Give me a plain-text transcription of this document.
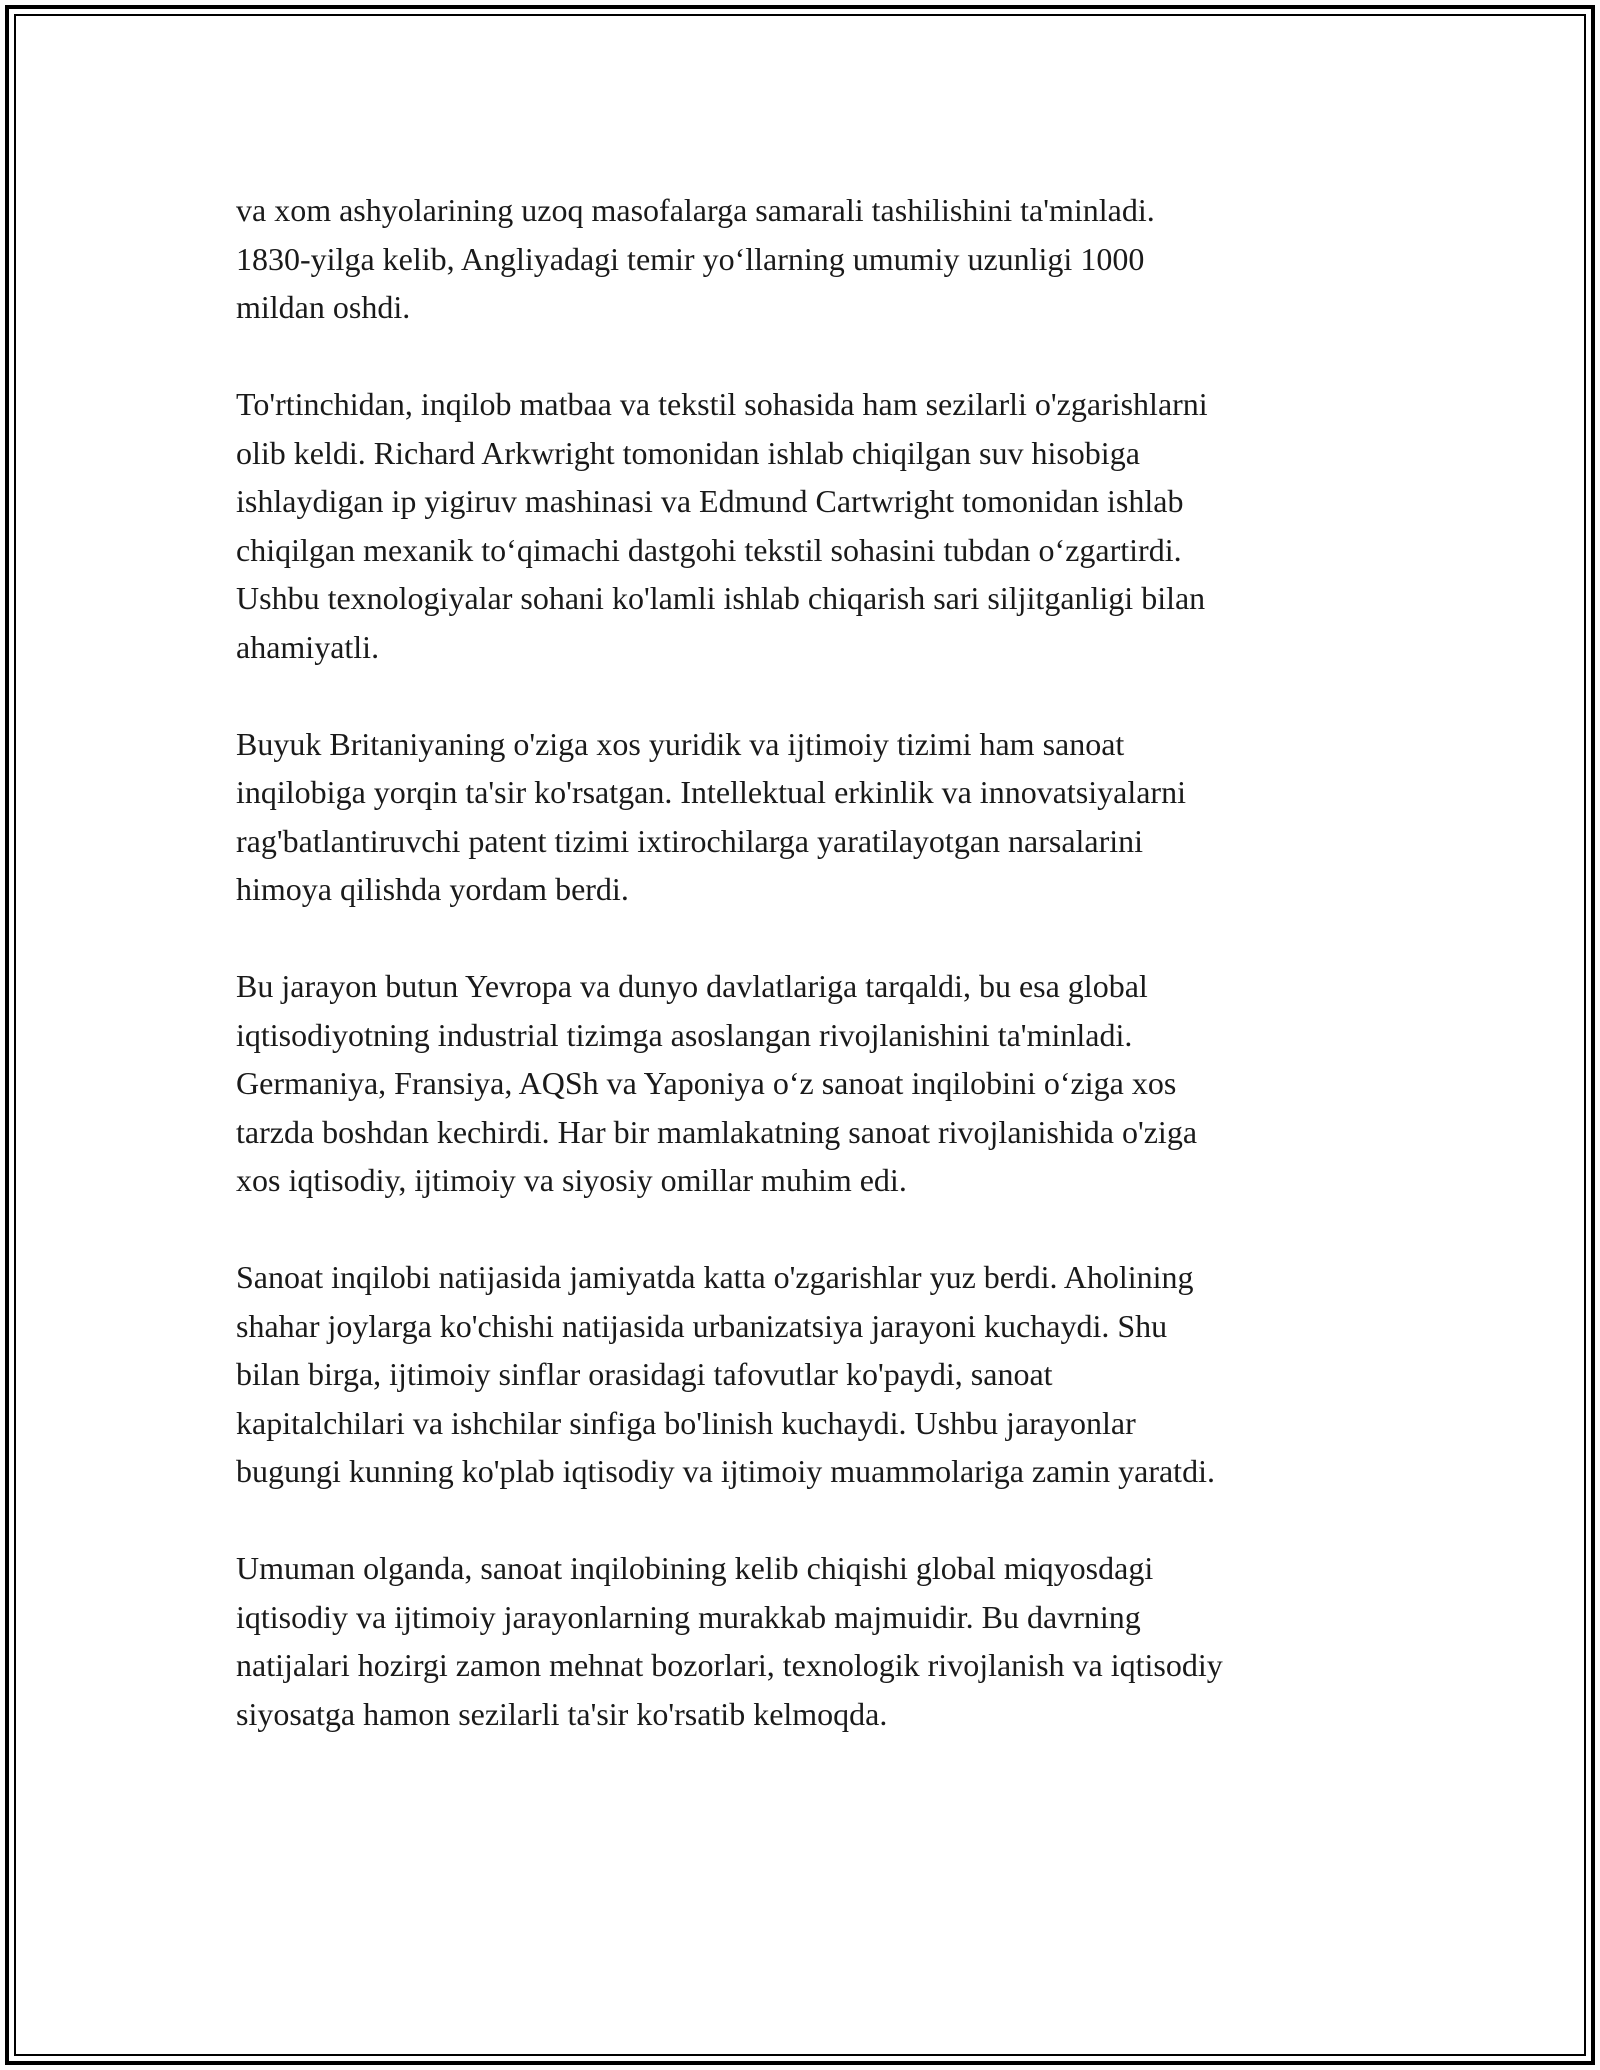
va xom ashyolarining uzoq masofalarga samarali tashilishini ta'minladi.
1830-yilga kelib, Angliyadagi temir yo‘llarning umumiy uzunligi 1000
mildan oshdi.

To'rtinchidan, inqilob matbaa va tekstil sohasida ham sezilarli o'zgarishlarni
olib keldi. Richard Arkwright tomonidan ishlab chiqilgan suv hisobiga
ishlaydigan ip yigiruv mashinasi va Edmund Cartwright tomonidan ishlab
chiqilgan mexanik to‘qimachi dastgohi tekstil sohasini tubdan o‘zgartirdi.
Ushbu texnologiyalar sohani ko'lamli ishlab chiqarish sari siljitganligi bilan
ahamiyatli.

Buyuk Britaniyaning o'ziga xos yuridik va ijtimoiy tizimi ham sanoat
inqilobiga yorqin ta'sir ko'rsatgan. Intellektual erkinlik va innovatsiyalarni
rag'batlantiruvchi patent tizimi ixtirochilarga yaratilayotgan narsalarini
himoya qilishda yordam berdi.

Bu jarayon butun Yevropa va dunyo davlatlariga tarqaldi, bu esa global
iqtisodiyotning industrial tizimga asoslangan rivojlanishini ta'minladi.
Germaniya, Fransiya, AQSh va Yaponiya o‘z sanoat inqilobini o‘ziga xos
tarzda boshdan kechirdi. Har bir mamlakatning sanoat rivojlanishida o'ziga
xos iqtisodiy, ijtimoiy va siyosiy omillar muhim edi.

Sanoat inqilobi natijasida jamiyatda katta o'zgarishlar yuz berdi. Aholining
shahar joylarga ko'chishi natijasida urbanizatsiya jarayoni kuchaydi. Shu
bilan birga, ijtimoiy sinflar orasidagi tafovutlar ko'paydi, sanoat
kapitalchilari va ishchilar sinfiga bo'linish kuchaydi. Ushbu jarayonlar
bugungi kunning ko'plab iqtisodiy va ijtimoiy muammolariga zamin yaratdi.

Umuman olganda, sanoat inqilobining kelib chiqishi global miqyosdagi
iqtisodiy va ijtimoiy jarayonlarning murakkab majmuidir. Bu davrning
natijalari hozirgi zamon mehnat bozorlari, texnologik rivojlanish va iqtisodiy
siyosatga hamon sezilarli ta'sir ko'rsatib kelmoqda.
